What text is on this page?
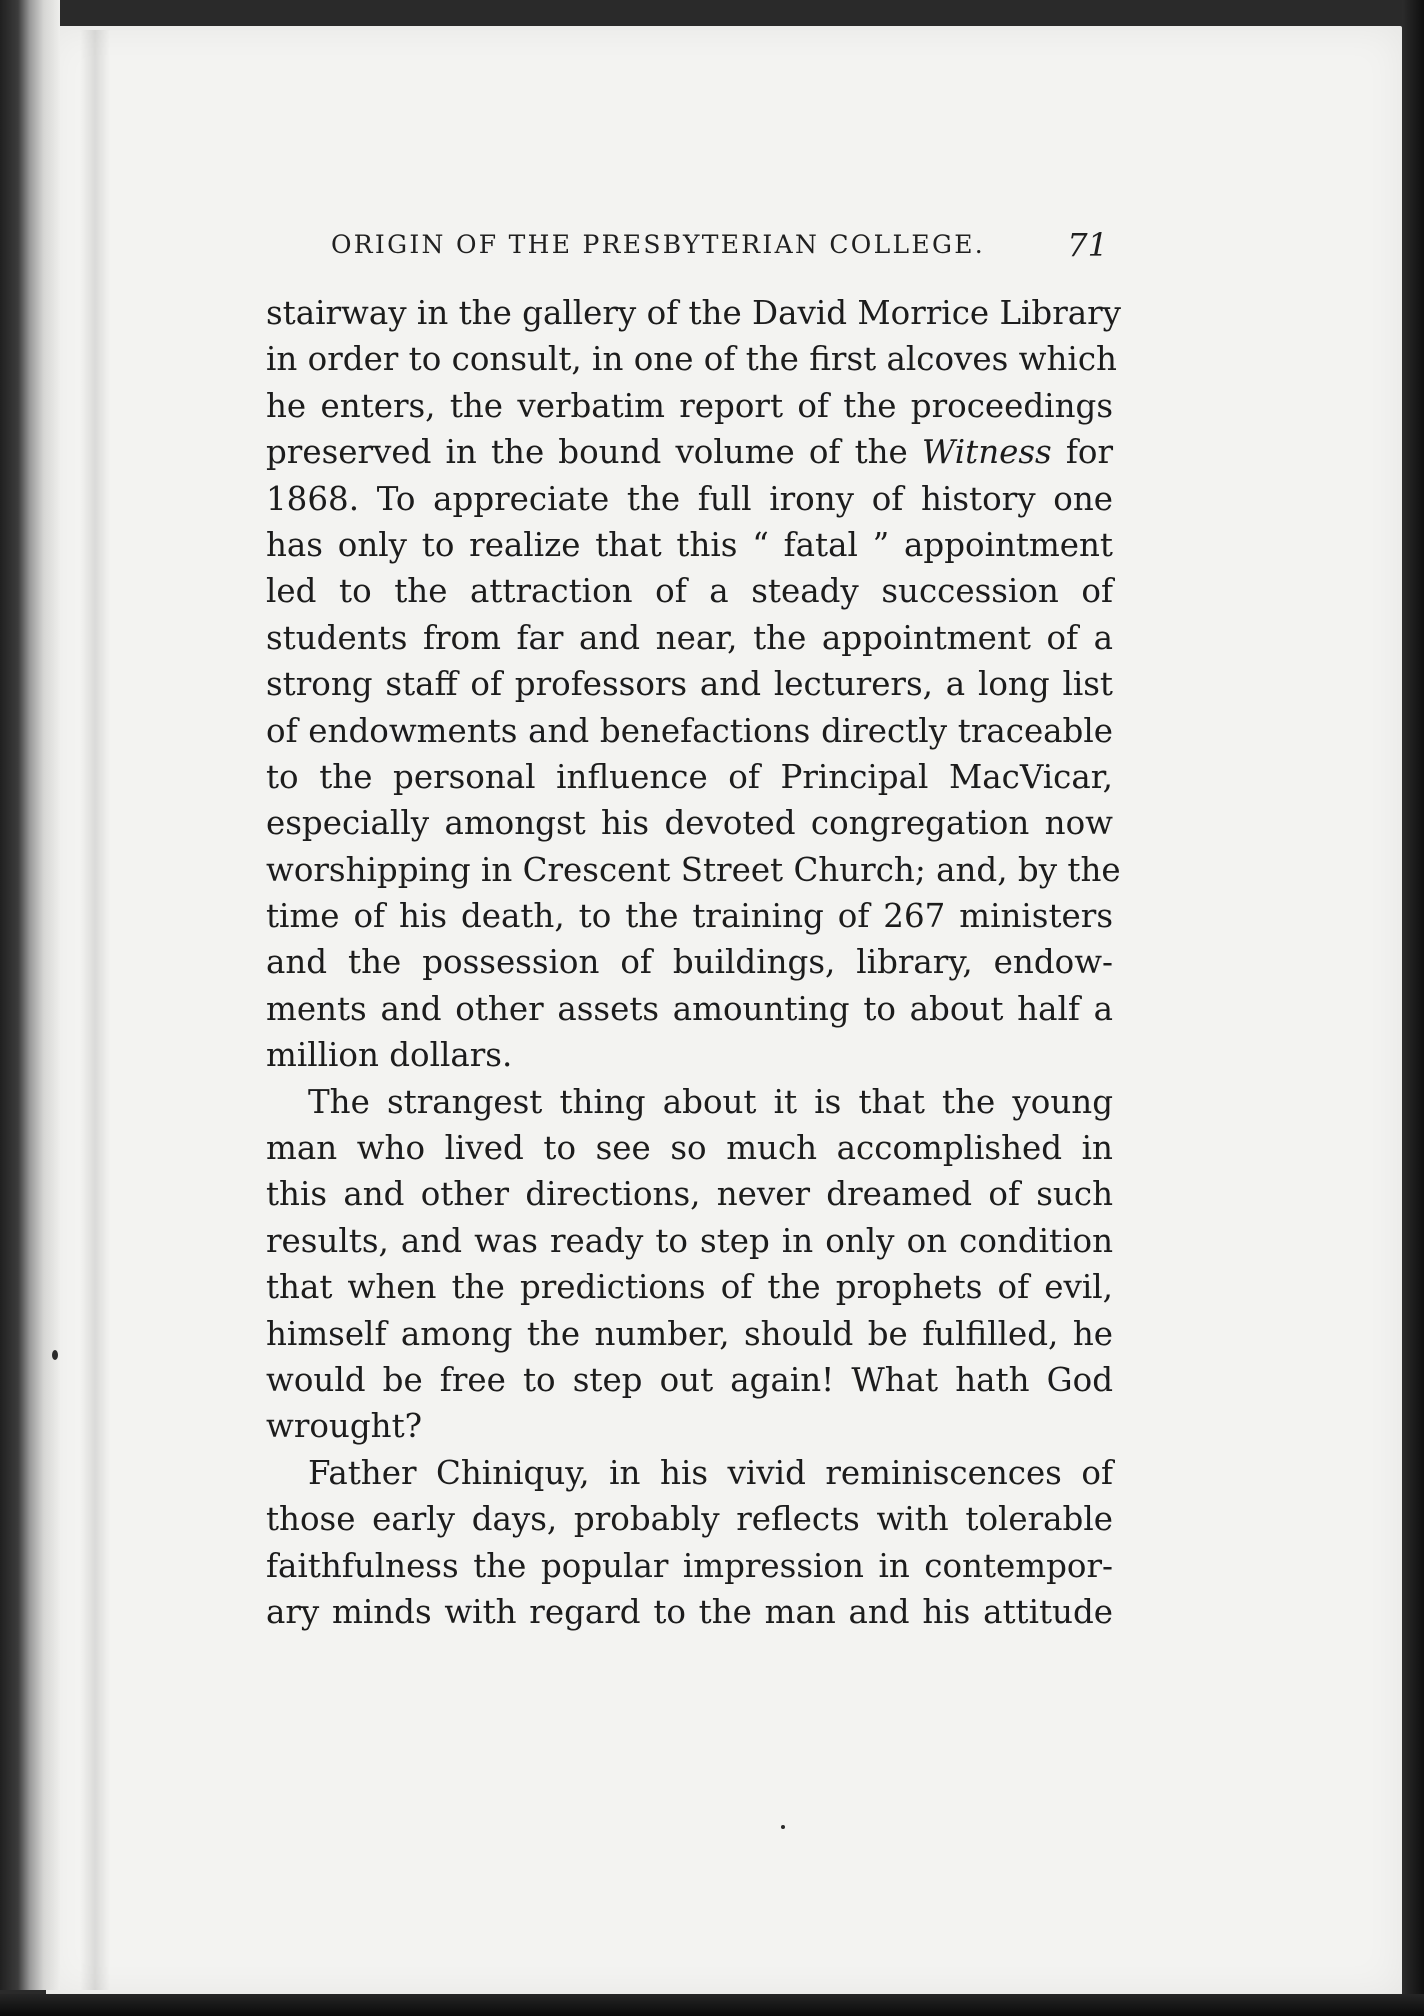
ORIGIN OF THE PRESBYTERIAN COLLEGE.	71
stairway in the gallery of the David Morrice Library
in order to consult, in one of the first alcoves which
he enters, the verbatim report of the proceedings
preserved in the bound volume of the Witness for
1868. To appreciate the full irony of history one
has only to realize that this “ fatal ” appointment
led to the attraction of a steady succession of
students from far and near, the appointment of a
strong staff of professors and lecturers, a long list
of endowments and benefactions directly traceable
to the personal influence of Principal MacVicar,
especially amongst his devoted congregation now
worshipping in Crescent Street Church; and, by the
time of his death, to the training of 267 ministers
and the possession of buildings, library, endow-
ments and other assets amounting to about half a
million dollars.
The strangest thing about it is that the young
man who lived to see so much accomplished in
this and other directions, never dreamed of such
results, and was ready to step in only on condition
that when the predictions of the prophets of evil,
himself among the number, should be fulfilled, he
would be free to step out again! What hath God
wrought?
Father Chiniquy, in his vivid reminiscences of
those early days, probably reflects with tolerable
faithfulness the popular impression in contempor-
ary minds with regard to the man and his attitude
